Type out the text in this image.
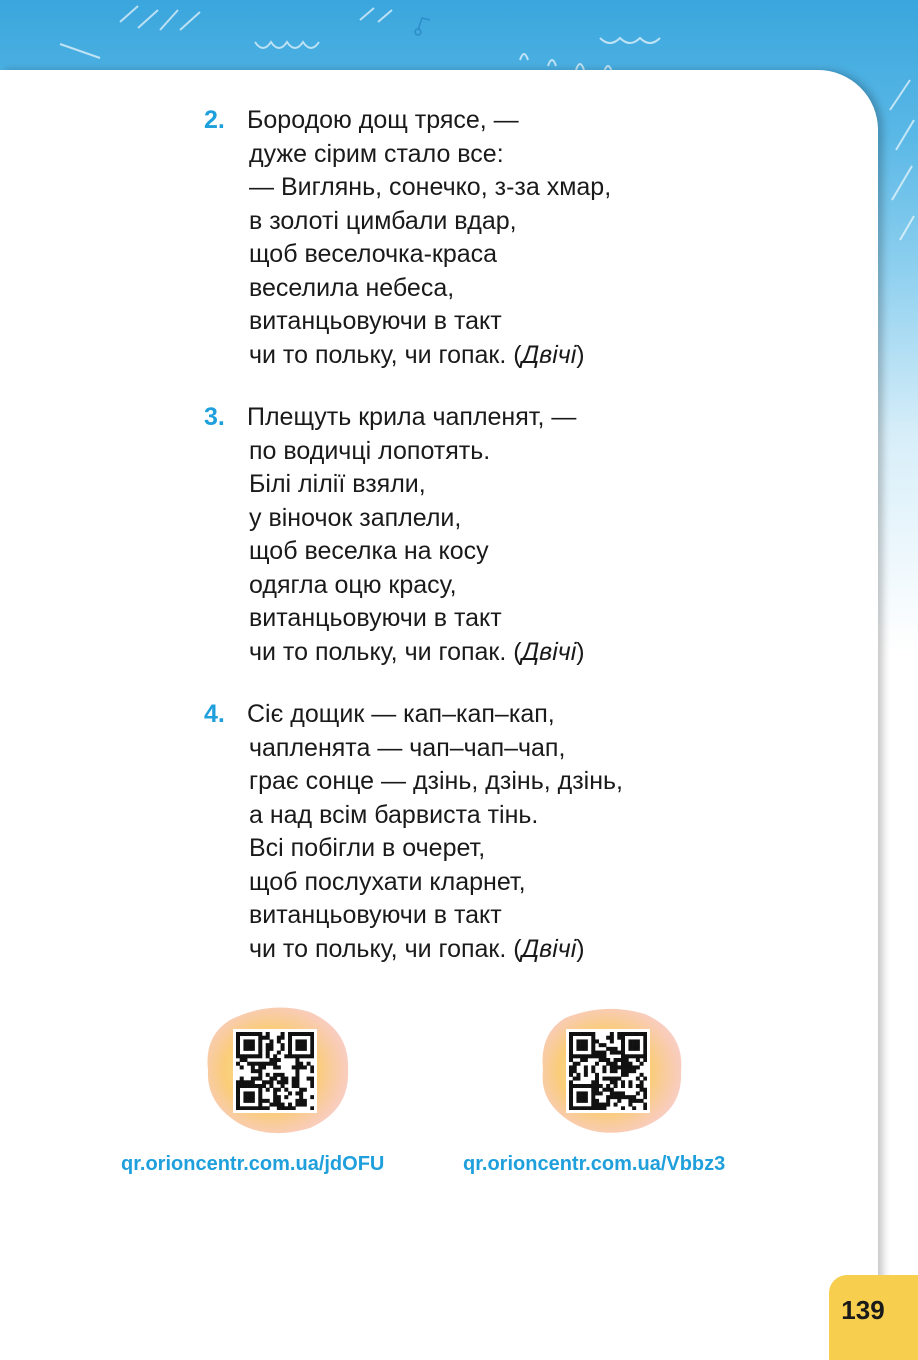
2. Бородою дощ трясе, —
дуже сірим стало все:
— Виглянь, сонечко, з-за хмар,
в золоті цимбали вдар,
щоб веселочка-краса
веселила небеса,
витанцьовуючи в такт
чи то польку, чи гопак. (Двічі)
3. Плещуть крила чапленят, —
по водичці лопотять.
Білі лілії взяли,
у віночок заплели,
щоб веселка на косу
одягла оцю красу,
витанцьовуючи в такт
чи то польку, чи гопак. (Двічі)
4. Сіє дощик — кап–кап–кап,
чапленята — чап–чап–чап,
грає сонце — дзінь, дзінь, дзінь,
а над всім барвиста тінь.
Всі побігли в очерет,
щоб послухати кларнет,
витанцьовуючи в такт
чи то польку, чи гопак. (Двічі)
qr.orioncentr.com.ua/jdOFU	qr.orioncentr.com.ua/Vbbz3
139
